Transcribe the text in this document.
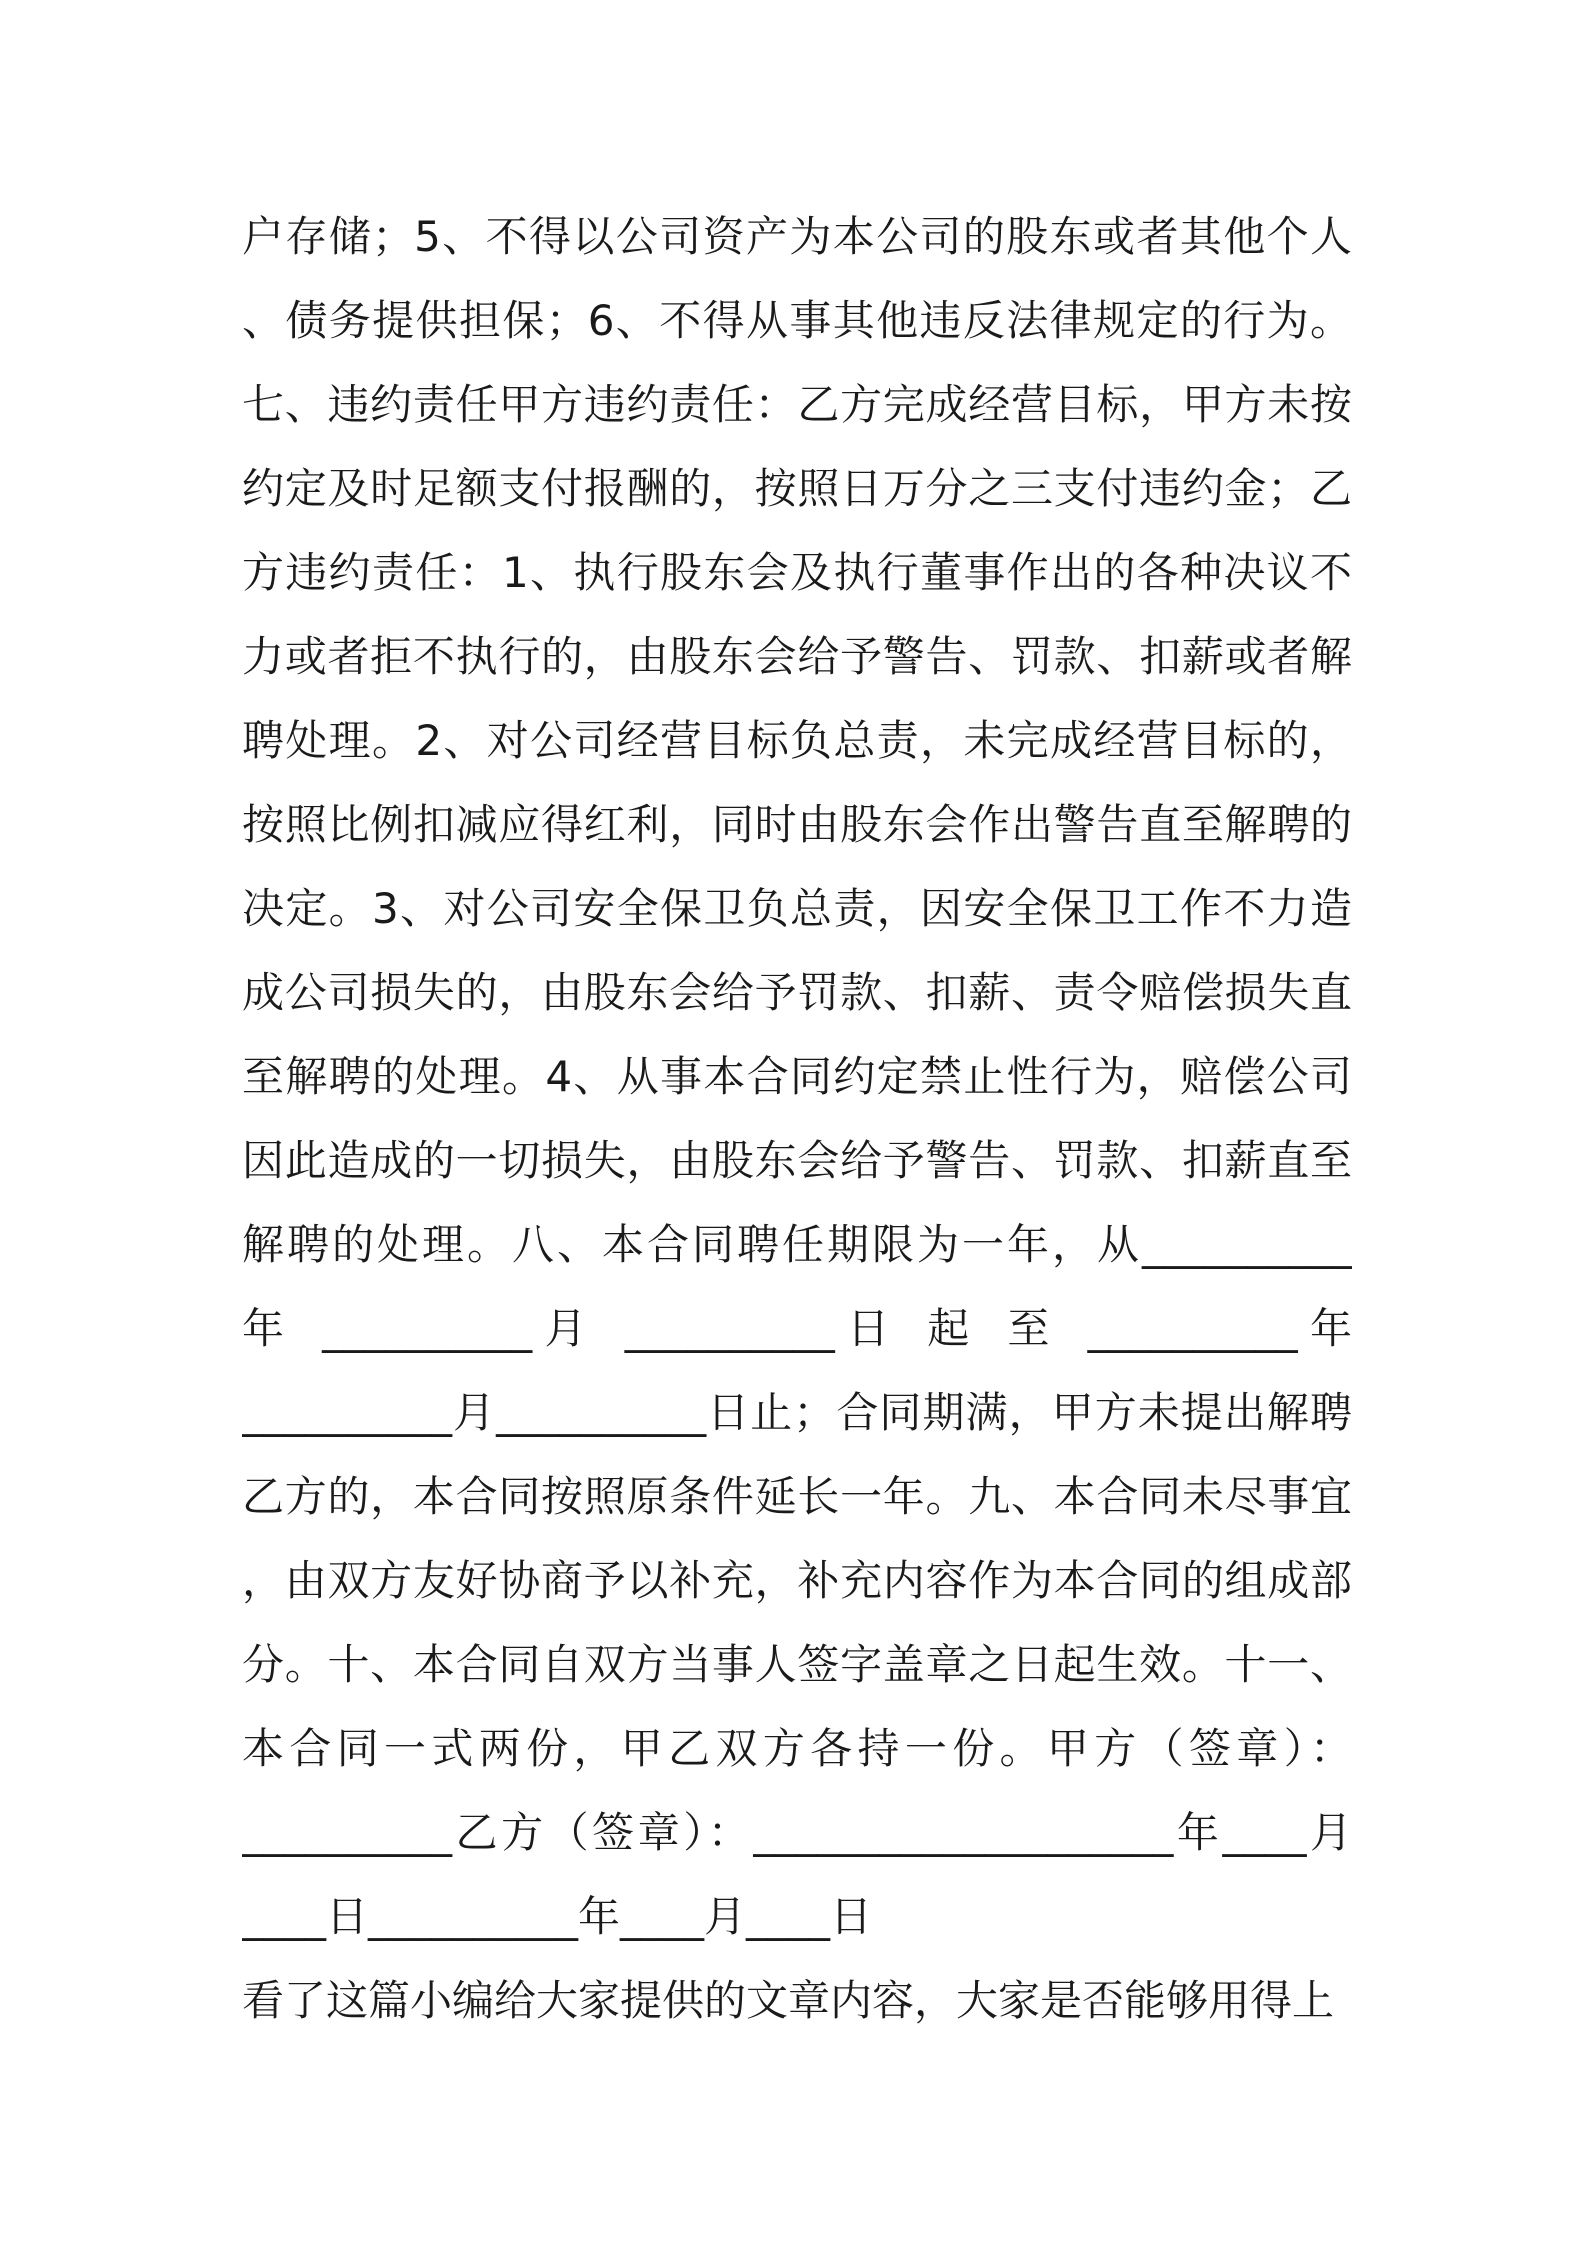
户存储；5、不得以公司资产为本公司的股东或者其他个人
、债务提供担保；6、不得从事其他违反法律规定的行为。
七、违约责任甲方违约责任：乙方完成经营目标，甲方未按
约定及时足额支付报酬的，按照日万分之三支付违约金；乙
方违约责任：1、执行股东会及执行董事作出的各种决议不
力或者拒不执行的，由股东会给予警告、罚款、扣薪或者解
聘处理。2、对公司经营目标负总责，未完成经营目标的，
按照比例扣减应得红利，同时由股东会作出警告直至解聘的
决定。3、对公司安全保卫负总责，因安全保卫工作不力造
成公司损失的，由股东会给予罚款、扣薪、责令赔偿损失直
至解聘的处理。4、从事本合同约定禁止性行为，赔偿公司
因此造成的一切损失，由股东会给予警告、罚款、扣薪直至
解聘的处理。八、本合同聘任期限为一年，从__________
年 __________月 __________日 起 至 __________年
__________月__________日止；合同期满，甲方未提出解聘
乙方的，本合同按照原条件延长一年。九、本合同未尽事宜
，由双方友好协商予以补充，补充内容作为本合同的组成部
分。十、本合同自双方当事人签字盖章之日起生效。十一、
本合同一式两份，甲乙双方各持一份。甲方（签章）：
__________乙方（签章）：____________________年____月
____日__________年____月____日
看了这篇小编给大家提供的文章内容，大家是否能够用得上
